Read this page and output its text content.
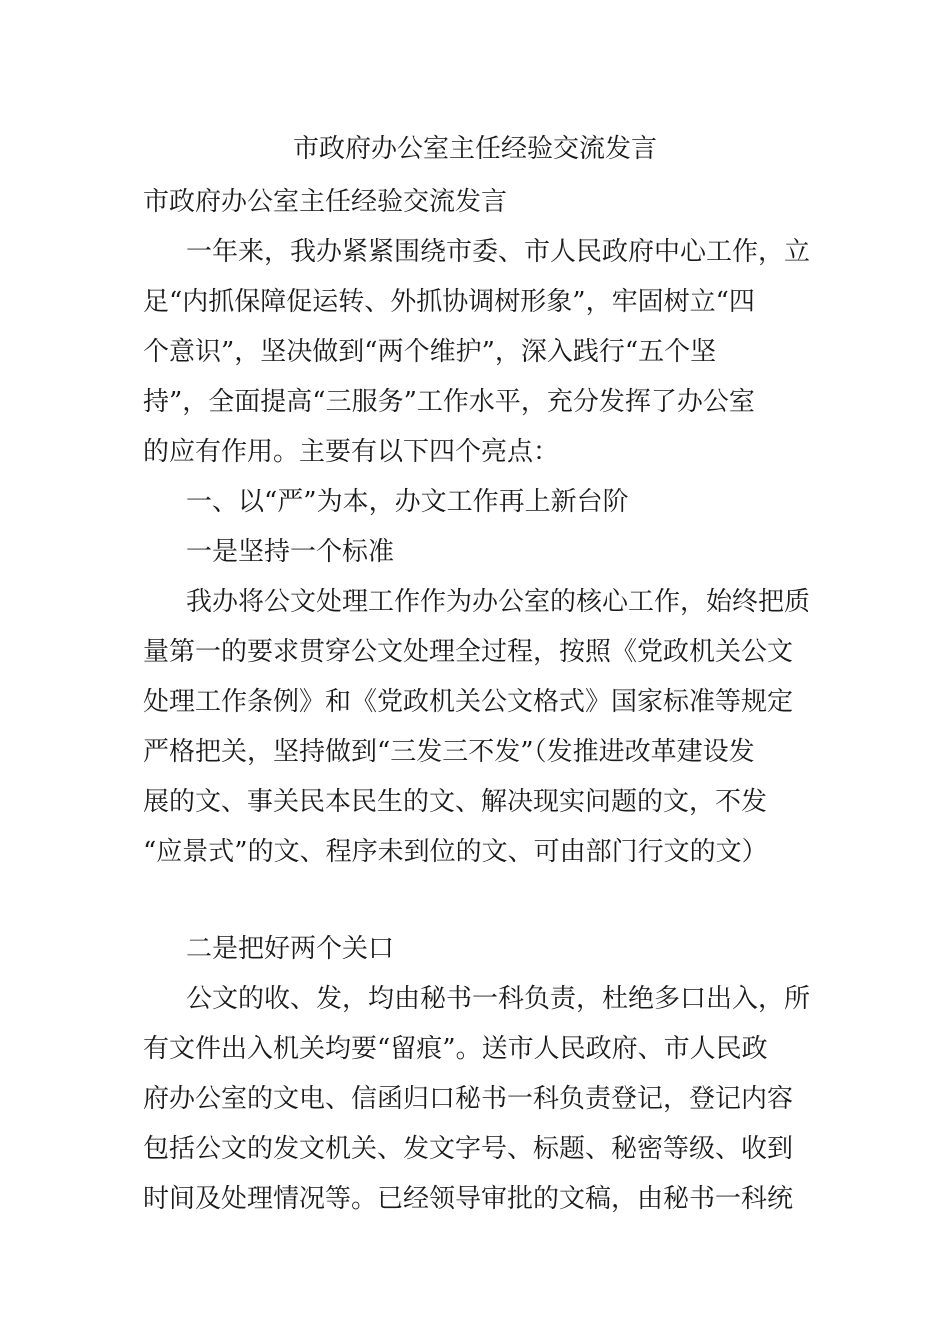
市政府办公室主任经验交流发言
市政府办公室主任经验交流发言
一年来，我办紧紧围绕市委、市人民政府中心工作，立
足“内抓保障促运转、外抓协调树形象”，牢固树立“四
个意识”，坚决做到“两个维护”，深入践行“五个坚
持”，全面提高“三服务”工作水平，充分发挥了办公室
的应有作用。主要有以下四个亮点：
一、以“严”为本，办文工作再上新台阶
一是坚持一个标准
我办将公文处理工作作为办公室的核心工作，始终把质
量第一的要求贯穿公文处理全过程，按照《党政机关公文
处理工作条例》和《党政机关公文格式》国家标准等规定
严格把关，坚持做到“三发三不发”（发推进改革建设发
展的文、事关民本民生的文、解决现实问题的文，不发
“应景式”的文、程序未到位的文、可由部门行文的文）
二是把好两个关口
公文的收、发，均由秘书一科负责，杜绝多口出入，所
有文件出入机关均要“留痕”。送市人民政府、市人民政
府办公室的文电、信函归口秘书一科负责登记，登记内容
包括公文的发文机关、发文字号、标题、秘密等级、收到
时间及处理情况等。已经领导审批的文稿，由秘书一科统
